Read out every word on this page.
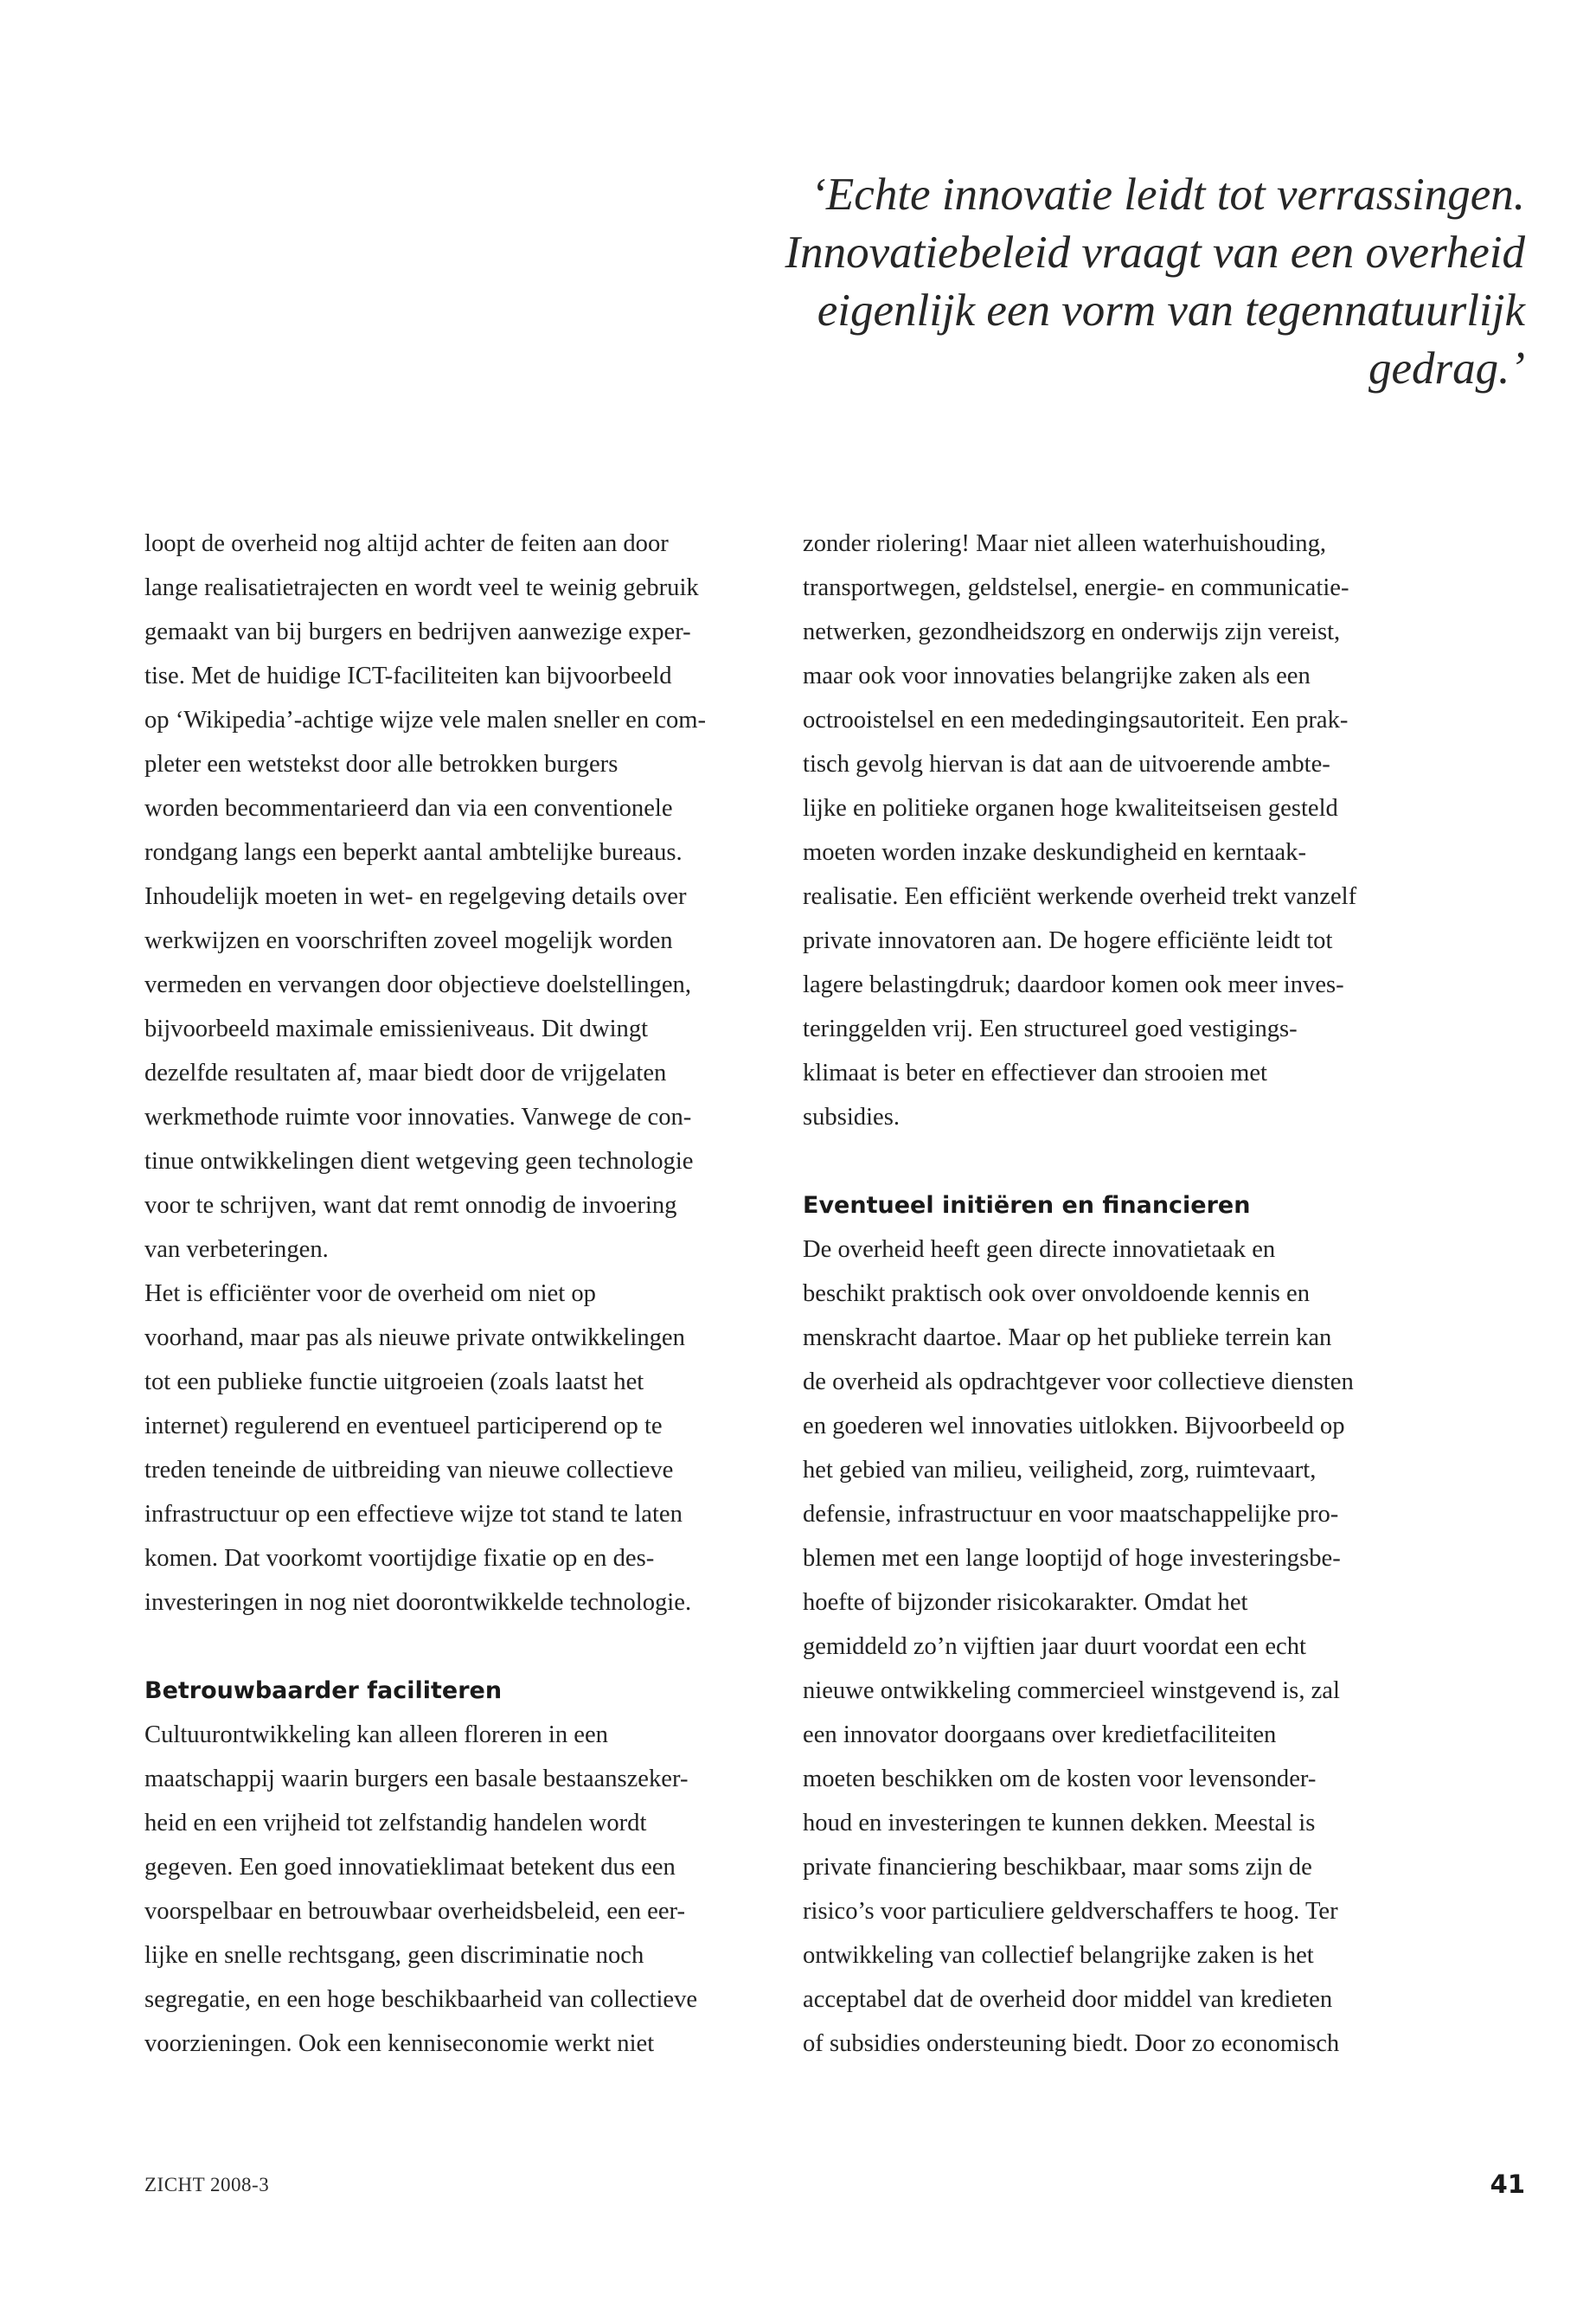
‘Echte innovatie leidt tot verrassingen.
Innovatiebeleid vraagt van een overheid
eigenlijk een vorm van tegennatuurlijk
gedrag.’
loopt de overheid nog altijd achter de feiten aan door
lange realisatietrajecten en wordt veel te weinig gebruik
gemaakt van bij burgers en bedrijven aanwezige exper-
tise. Met de huidige ICT-faciliteiten kan bijvoorbeeld
op ‘Wikipedia’-achtige wijze vele malen sneller en com-
pleter een wetstekst door alle betrokken burgers
worden becommentarieerd dan via een conventionele
rondgang langs een beperkt aantal ambtelijke bureaus.
Inhoudelijk moeten in wet- en regelgeving details over
werkwijzen en voorschriften zoveel mogelijk worden
vermeden en vervangen door objectieve doelstellingen,
bijvoorbeeld maximale emissieniveaus. Dit dwingt
dezelfde resultaten af, maar biedt door de vrijgelaten
werkmethode ruimte voor innovaties. Vanwege de con-
tinue ontwikkelingen dient wetgeving geen technologie
voor te schrijven, want dat remt onnodig de invoering
van verbeteringen.
Het is efficiënter voor de overheid om niet op
voorhand, maar pas als nieuwe private ontwikkelingen
tot een publieke functie uitgroeien (zoals laatst het
internet) regulerend en eventueel participerend op te
treden teneinde de uitbreiding van nieuwe collectieve
infrastructuur op een effectieve wijze tot stand te laten
komen. Dat voorkomt voortijdige fixatie op en des-
investeringen in nog niet doorontwikkelde technologie.
Betrouwbaarder faciliteren
Cultuurontwikkeling kan alleen floreren in een
maatschappij waarin burgers een basale bestaanszeker-
heid en een vrijheid tot zelfstandig handelen wordt
gegeven. Een goed innovatieklimaat betekent dus een
voorspelbaar en betrouwbaar overheidsbeleid, een eer-
lijke en snelle rechtsgang, geen discriminatie noch
segregatie, en een hoge beschikbaarheid van collectieve
voorzieningen. Ook een kenniseconomie werkt niet
zonder riolering! Maar niet alleen waterhuishouding,
transportwegen, geldstelsel, energie- en communicatie-
netwerken, gezondheidszorg en onderwijs zijn vereist,
maar ook voor innovaties belangrijke zaken als een
octrooistelsel en een mededingingsautoriteit. Een prak-
tisch gevolg hiervan is dat aan de uitvoerende ambte-
lijke en politieke organen hoge kwaliteitseisen gesteld
moeten worden inzake deskundigheid en kerntaak-
realisatie. Een efficiënt werkende overheid trekt vanzelf
private innovatoren aan. De hogere efficiënte leidt tot
lagere belastingdruk; daardoor komen ook meer inves-
teringgelden vrij. Een structureel goed vestigings-
klimaat is beter en effectiever dan strooien met
subsidies.
Eventueel initiëren en financieren
De overheid heeft geen directe innovatietaak en
beschikt praktisch ook over onvoldoende kennis en
menskracht daartoe. Maar op het publieke terrein kan
de overheid als opdrachtgever voor collectieve diensten
en goederen wel innovaties uitlokken. Bijvoorbeeld op
het gebied van milieu, veiligheid, zorg, ruimtevaart,
defensie, infrastructuur en voor maatschappelijke pro-
blemen met een lange looptijd of hoge investeringsbe-
hoefte of bijzonder risicokarakter. Omdat het
gemiddeld zo’n vijftien jaar duurt voordat een echt
nieuwe ontwikkeling commercieel winstgevend is, zal
een innovator doorgaans over kredietfaciliteiten
moeten beschikken om de kosten voor levensonder-
houd en investeringen te kunnen dekken. Meestal is
private financiering beschikbaar, maar soms zijn de
risico’s voor particuliere geldverschaffers te hoog. Ter
ontwikkeling van collectief belangrijke zaken is het
acceptabel dat de overheid door middel van kredieten
of subsidies ondersteuning biedt. Door zo economisch
ZICHT 2008-3	41
